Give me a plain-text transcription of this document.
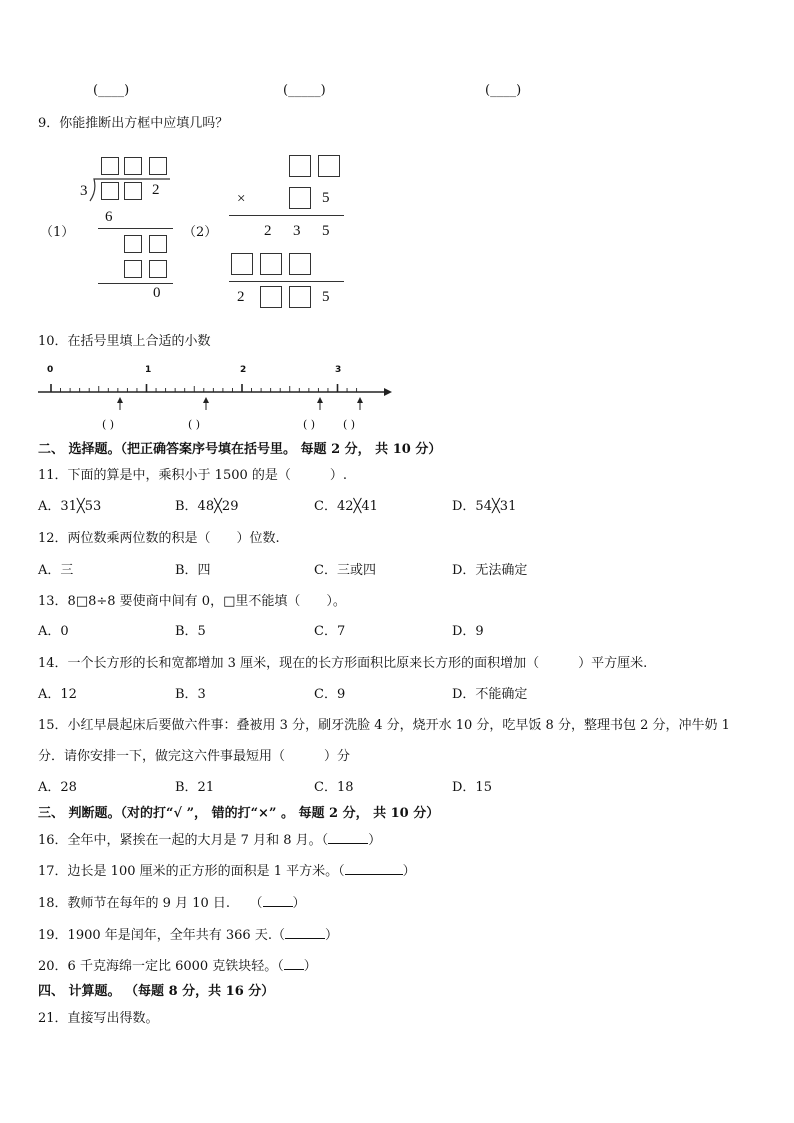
(____)	(_____)	(____)
9．你能推断出方框中应填几吗？
（1）
3	2
6
0
（2）
×	5
2 3 5
2	5
10．在括号里填上合适的小数
0	1	2	3
( )	( )	( )	( )
二、 选择题。（把正确答案序号填在括号里。 每题 2 分， 共 10 分）
11．下面的算是中，乘积小于 1500 的是（　　　）.
A．31╳53	B．48╳29	C．42╳41	D．54╳31
12．两位数乘两位数的积是（　　）位数.
A．三	B．四	C．三或四	D．无法确定
13．8□8÷8 要使商中间有 0，□里不能填（　　）。
A．0	B．5	C．7	D．9
14．一个长方形的长和宽都增加 3 厘米，现在的长方形面积比原来长方形的面积增加（　　　）平方厘米.
A．12	B．3	C．9	D．不能确定
15．小红早晨起床后要做六件事：叠被用 3 分，刷牙洗脸 4 分，烧开水 10 分，吃早饭 8 分，整理书包 2 分，冲牛奶 1
分．请你安排一下，做完这六件事最短用（　　　）分
A．28	B．21	C．18	D．15
三、 判断题。（对的打“√ ”， 错的打“×” 。 每题 2 分， 共 10 分）
16．全年中，紧挨在一起的大月是 7 月和 8 月。（	）
17．边长是 100 厘米的正方形的面积是 1 平方米。（	）
18．教师节在每年的 9 月 10 日.　　（ ）
19．1900 年是闰年，全年共有 366 天.（	）
20．6 千克海绵一定比 6000 克铁块轻。（ ）
四、 计算题。 （每题 8 分，共 16 分）
21．直接写出得数。
